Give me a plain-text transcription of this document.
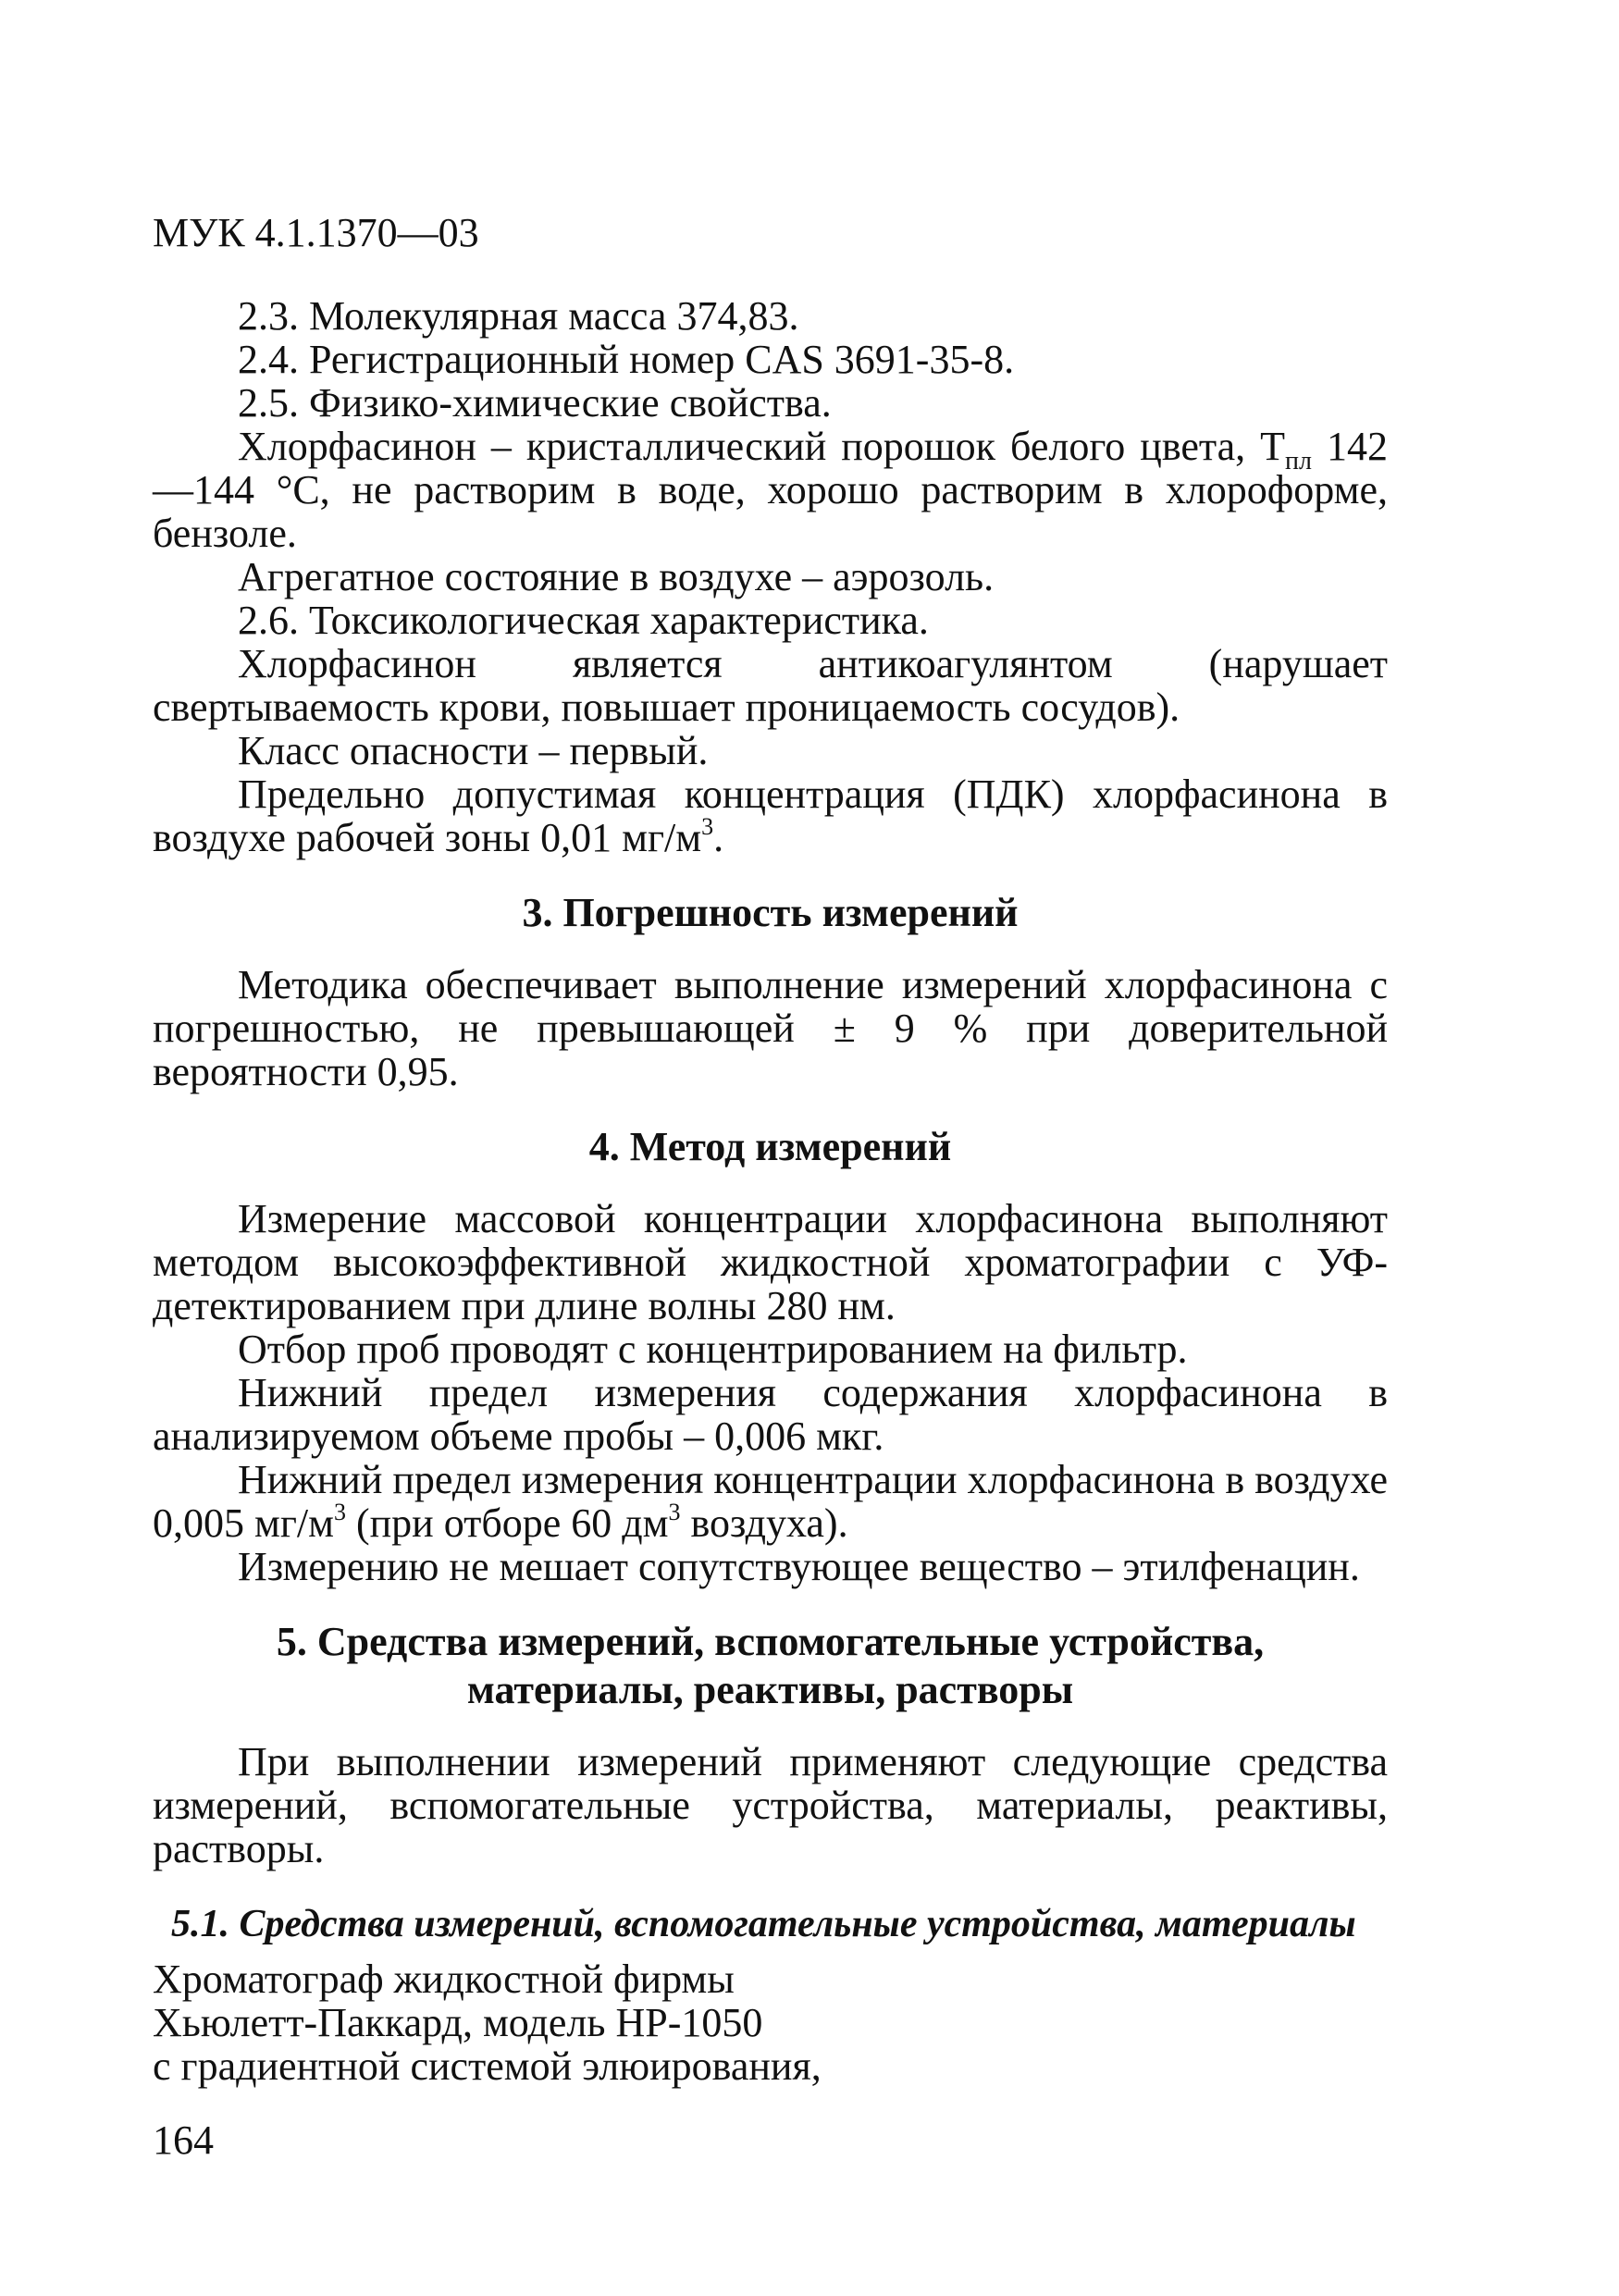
МУК 4.1.1370—03

2.3. Молекулярная масса 374,83.

2.4. Регистрационный номер CAS 3691-35-8.

2.5. Физико-химические свойства.

Хлорфасинон – кристаллический порошок белого цвета, $Т_{пл}$ 142—144 °С, не растворим в воде, хорошо растворим в хлороформе, бензоле.

Агрегатное состояние в воздухе – аэрозоль.

2.6. Токсикологическая характеристика.

Хлорфасинон является антикоагулянтом (нарушает свертываемость крови, повышает проницаемость сосудов).

Класс опасности – первый.

Предельно допустимая концентрация (ПДК) хлорфасинона в воздухе рабочей зоны 0,01 $мг/м^3$.

3. Погрешность измерений

Методика обеспечивает выполнение измерений хлорфасинона с погрешностью, не превышающей ± 9 % при доверительной вероятности 0,95.

4. Метод измерений

Измерение массовой концентрации хлорфасинона выполняют методом высокоэффективной жидкостной хроматографии с УФ-детектированием при длине волны 280 нм.

Отбор проб проводят с концентрированием на фильтр.

Нижний предел измерения содержания хлорфасинона в анализируемом объеме пробы – 0,006 мкг.

Нижний предел измерения концентрации хлорфасинона в воздухе 0,005 $мг/м^3$ (при отборе 60 $дм^3$ воздуха).

Измерению не мешает сопутствующее вещество – этилфенацин.

5. Средства измерений, вспомогательные устройства,
материалы, реактивы, растворы

При выполнении измерений применяют следующие средства измерений, вспомогательные устройства, материалы, реактивы, растворы.

5.1. Средства измерений, вспомогательные устройства, материалы

Хроматограф жидкостной фирмы

Хьюлетт-Паккард, модель НР-1050

с градиентной системой элюирования,

164
